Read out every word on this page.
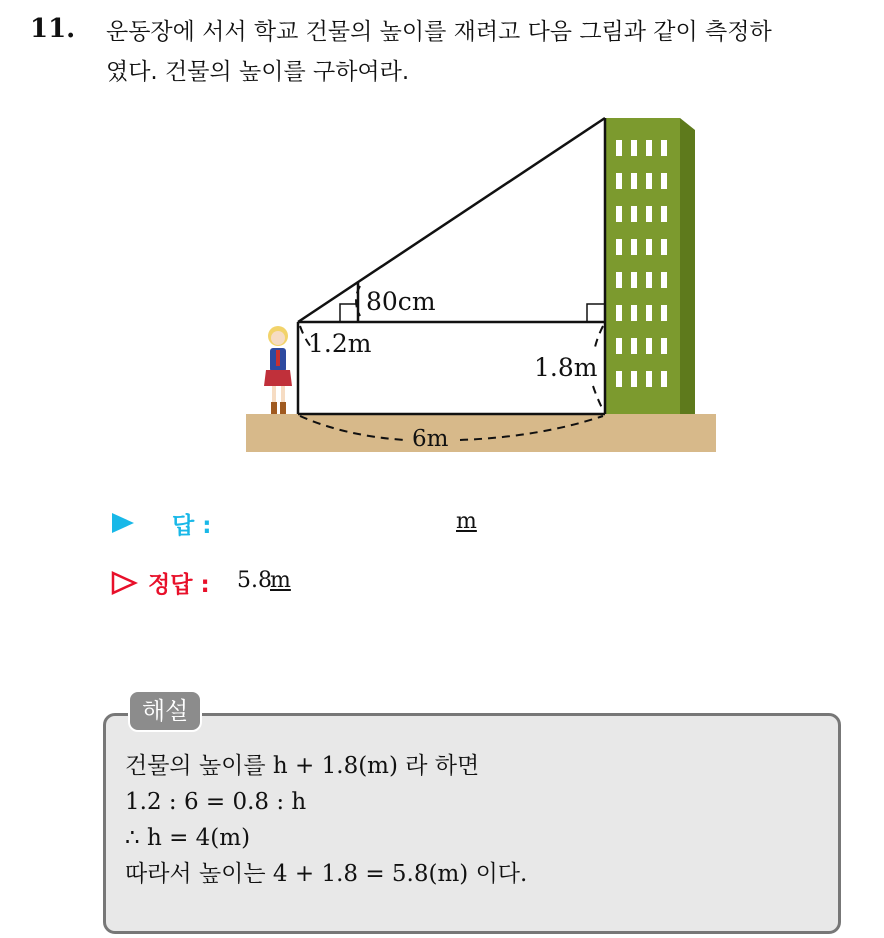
11. 운동장에 서서 학교 건물의 높이를 재려고 다음 그림과 같이 측정하
였다. 건물의 높이를 구하여라.
80cm
1.2m
1.8m
6m
답 :	m
정답 : 5.8
m
해설
건물의 높이를 h + 1.8(m) 라 하면
1.2 : 6 = 0.8 : h
∴ h = 4(m)
따라서 높이는 4 + 1.8 = 5.8(m) 이다.
